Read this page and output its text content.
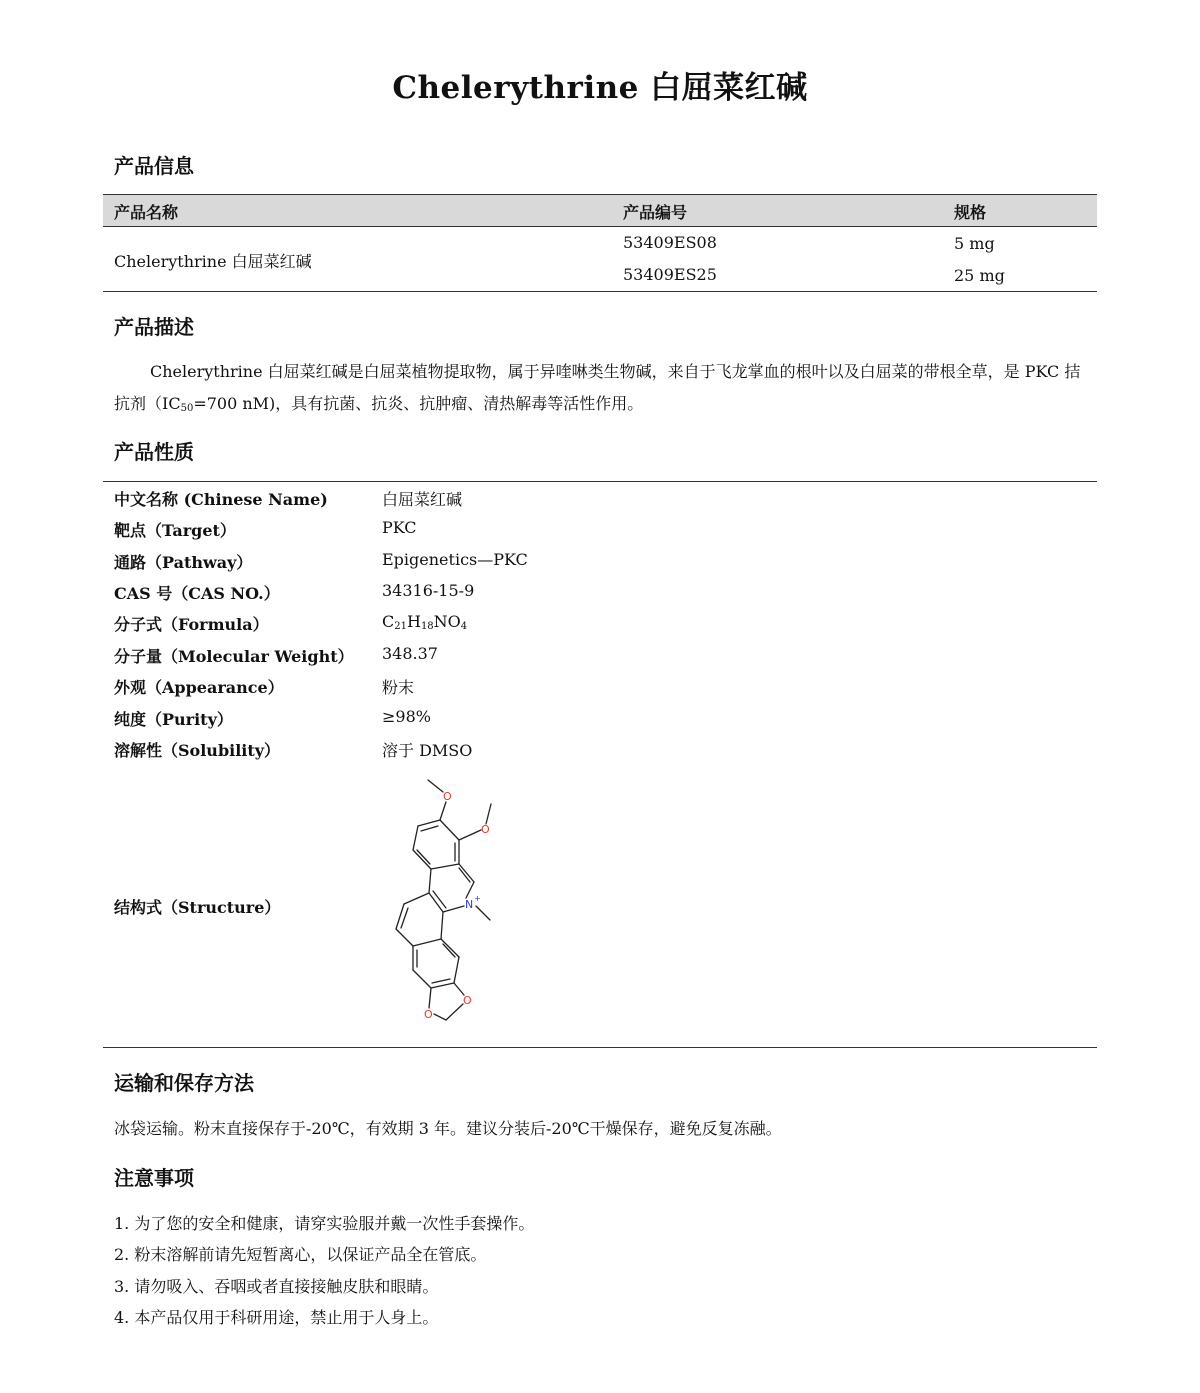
Chelerythrine 白屈菜红碱
产品信息
产品名称	产品编号	规格
Chelerythrine 白屈菜红碱
53409ES08	5 mg
53409ES25	25 mg
产品描述
Chelerythrine 白屈菜红碱是白屈菜植物提取物，属于异喹啉类生物碱，来自于飞龙掌血的根叶以及白屈菜的带根全草，是 PKC 拮抗剂（$IC_{50}=700$ nM)，具有抗菌、抗炎、抗肿瘤、清热解毒等活性作用。
产品性质
中文名称 (Chinese Name)	白屈菜红碱
靶点（Target）	PKC
通路（Pathway）	Epigenetics—PKC
CAS 号（CAS NO.）	34316-15-9
分子式（Formula）	$C_{21}H_{18}NO_4$
分子量（Molecular Weight） 348.37
外观（Appearance）	粉末
纯度（Purity）	≥98%
溶解性（Solubility）	溶于 DMSO
结构式（Structure）
O
O
N +
O
O
运输和保存方法
冰袋运输。粉末直接保存于-20℃，有效期 3 年。建议分装后-20℃干燥保存，避免反复冻融。
注意事项
1. 为了您的安全和健康，请穿实验服并戴一次性手套操作。
2. 粉末溶解前请先短暂离心，以保证产品全在管底。
3. 请勿吸入、吞咽或者直接接触皮肤和眼睛。
4. 本产品仅用于科研用途，禁止用于人身上。
